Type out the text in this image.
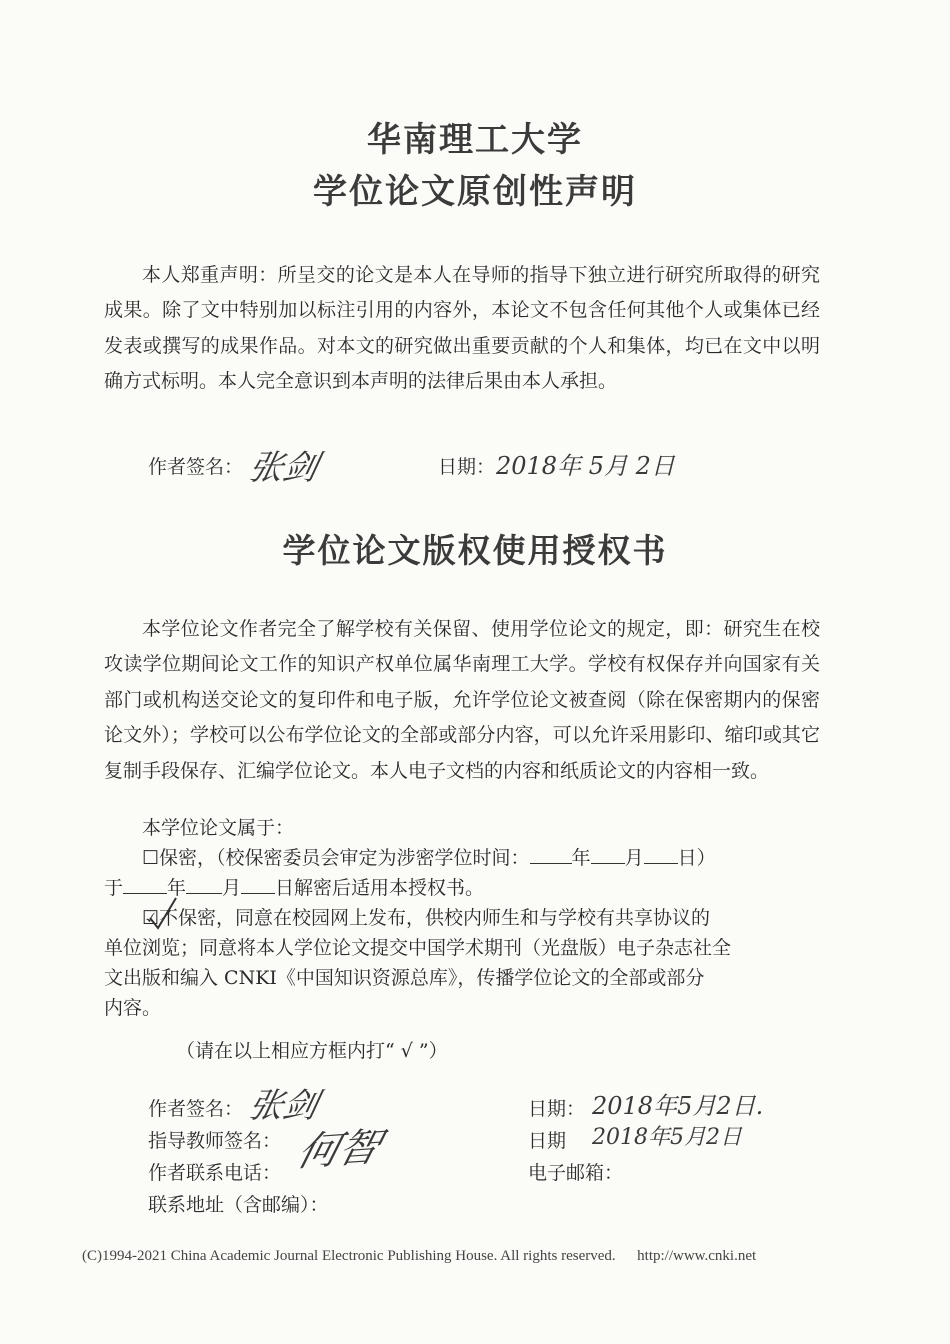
华南理工大学
学位论文原创性声明

本人郑重声明：所呈交的论文是本人在导师的指导下独立进行研究所取得的研究成果。除了文中特别加以标注引用的内容外，本论文不包含任何其他个人或集体已经发表或撰写的成果作品。对本文的研究做出重要贡献的个人和集体，均已在文中以明确方式标明。本人完全意识到本声明的法律后果由本人承担。

作者签名： 张剑	日期： 2018年 5月 2日
学位论文版权使用授权书

本学位论文作者完全了解学校有关保留、使用学位论文的规定，即：研究生在校攻读学位期间论文工作的知识产权单位属华南理工大学。学校有权保存并向国家有关部门或机构送交论文的复印件和电子版，允许学位论文被查阅（除在保密期内的保密论文外）；学校可以公布学位论文的全部或部分内容，可以允许采用影印、缩印或其它复制手段保存、汇编学位论文。本人电子文档的内容和纸质论文的内容相一致。

本学位论文属于：
☐保密，（校保密委员会审定为涉密学位时间： 年 月 日）
于 年 月 日解密后适用本授权书。
☑不保密，同意在校园网上发布，供校内师生和与学校有共享协议的
单位浏览；同意将本人学位论文提交中国学术期刊（光盘版）电子杂志社全
文出版和编入 CNKI《中国知识资源总库》，传播学位论文的全部或部分
内容。
（请在以上相应方框内打“ √ ”）
作者签名： 张剑
指导教师签名： 何智
作者联系电话：
联系地址（含邮编）：
日期： 2018年5月2日.
日期 2018年5月2日
电子邮箱：
(C)1994-2021 China Academic Journal Electronic Publishing House. All rights reserved. http://www.cnki.net
